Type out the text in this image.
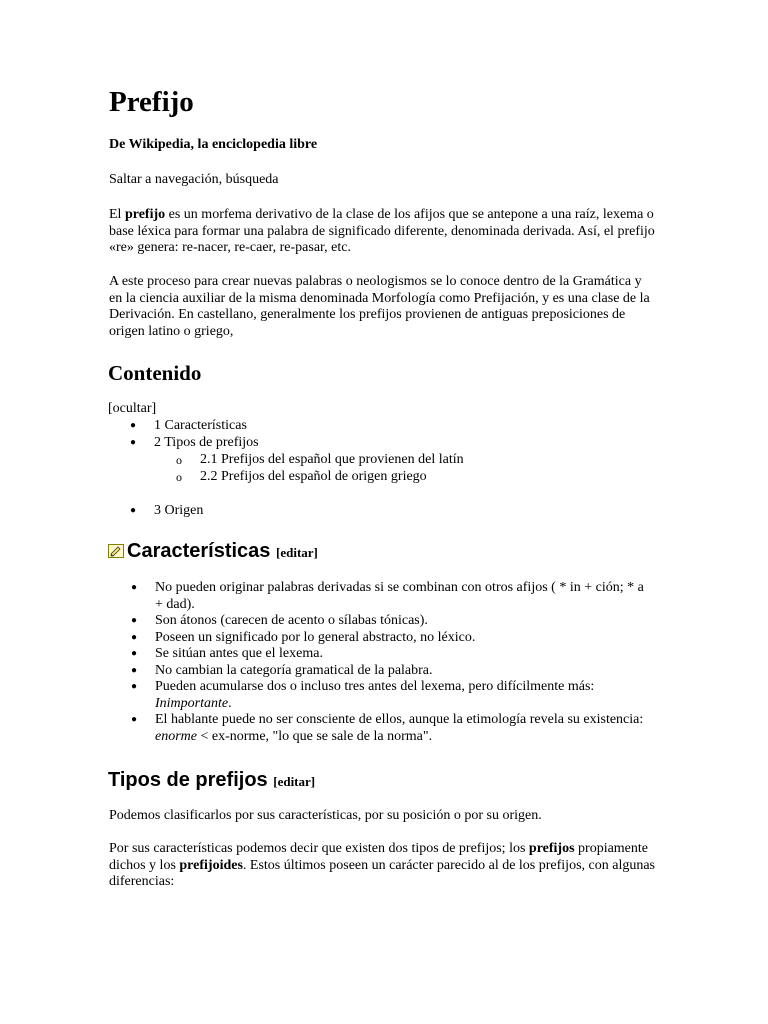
Prefijo

De Wikipedia, la enciclopedia libre

Saltar a navegación, búsqueda

El prefijo es un morfema derivativo de la clase de los afijos que se antepone a una raíz, lexema o base léxica para formar una palabra de significado diferente, denominada derivada. Así, el prefijo «re» genera: re-nacer, re-caer, re-pasar, etc.

A este proceso para crear nuevas palabras o neologismos se lo conoce dentro de la Gramática y en la ciencia auxiliar de la misma denominada Morfología como Prefijación, y es una clase de la Derivación. En castellano, generalmente los prefijos provienen de antiguas preposiciones de origen latino o griego,

Contenido

[ocultar]

● 1 Características
● 2 Tipos de prefijos
o 2.1 Prefijos del español que provienen del latín
o 2.2 Prefijos del español de origen griego
● 3 Origen
Características [editar]
● No pueden originar palabras derivadas si se combinan con otros afijos ( * in + ción; * a + dad).
● Son átonos (carecen de acento o sílabas tónicas).
● Poseen un significado por lo general abstracto, no léxico.
● Se sitúan antes que el lexema.
● No cambian la categoría gramatical de la palabra.
● Pueden acumularse dos o incluso tres antes del lexema, pero difícilmente más: Inimportante.
● El hablante puede no ser consciente de ellos, aunque la etimología revela su existencia: enorme < ex-norme, "lo que se sale de la norma".
Tipos de prefijos [editar]

Podemos clasificarlos por sus características, por su posición o por su origen.

Por sus características podemos decir que existen dos tipos de prefijos; los prefijos propiamente dichos y los prefijoides. Estos últimos poseen un carácter parecido al de los prefijos, con algunas diferencias:
